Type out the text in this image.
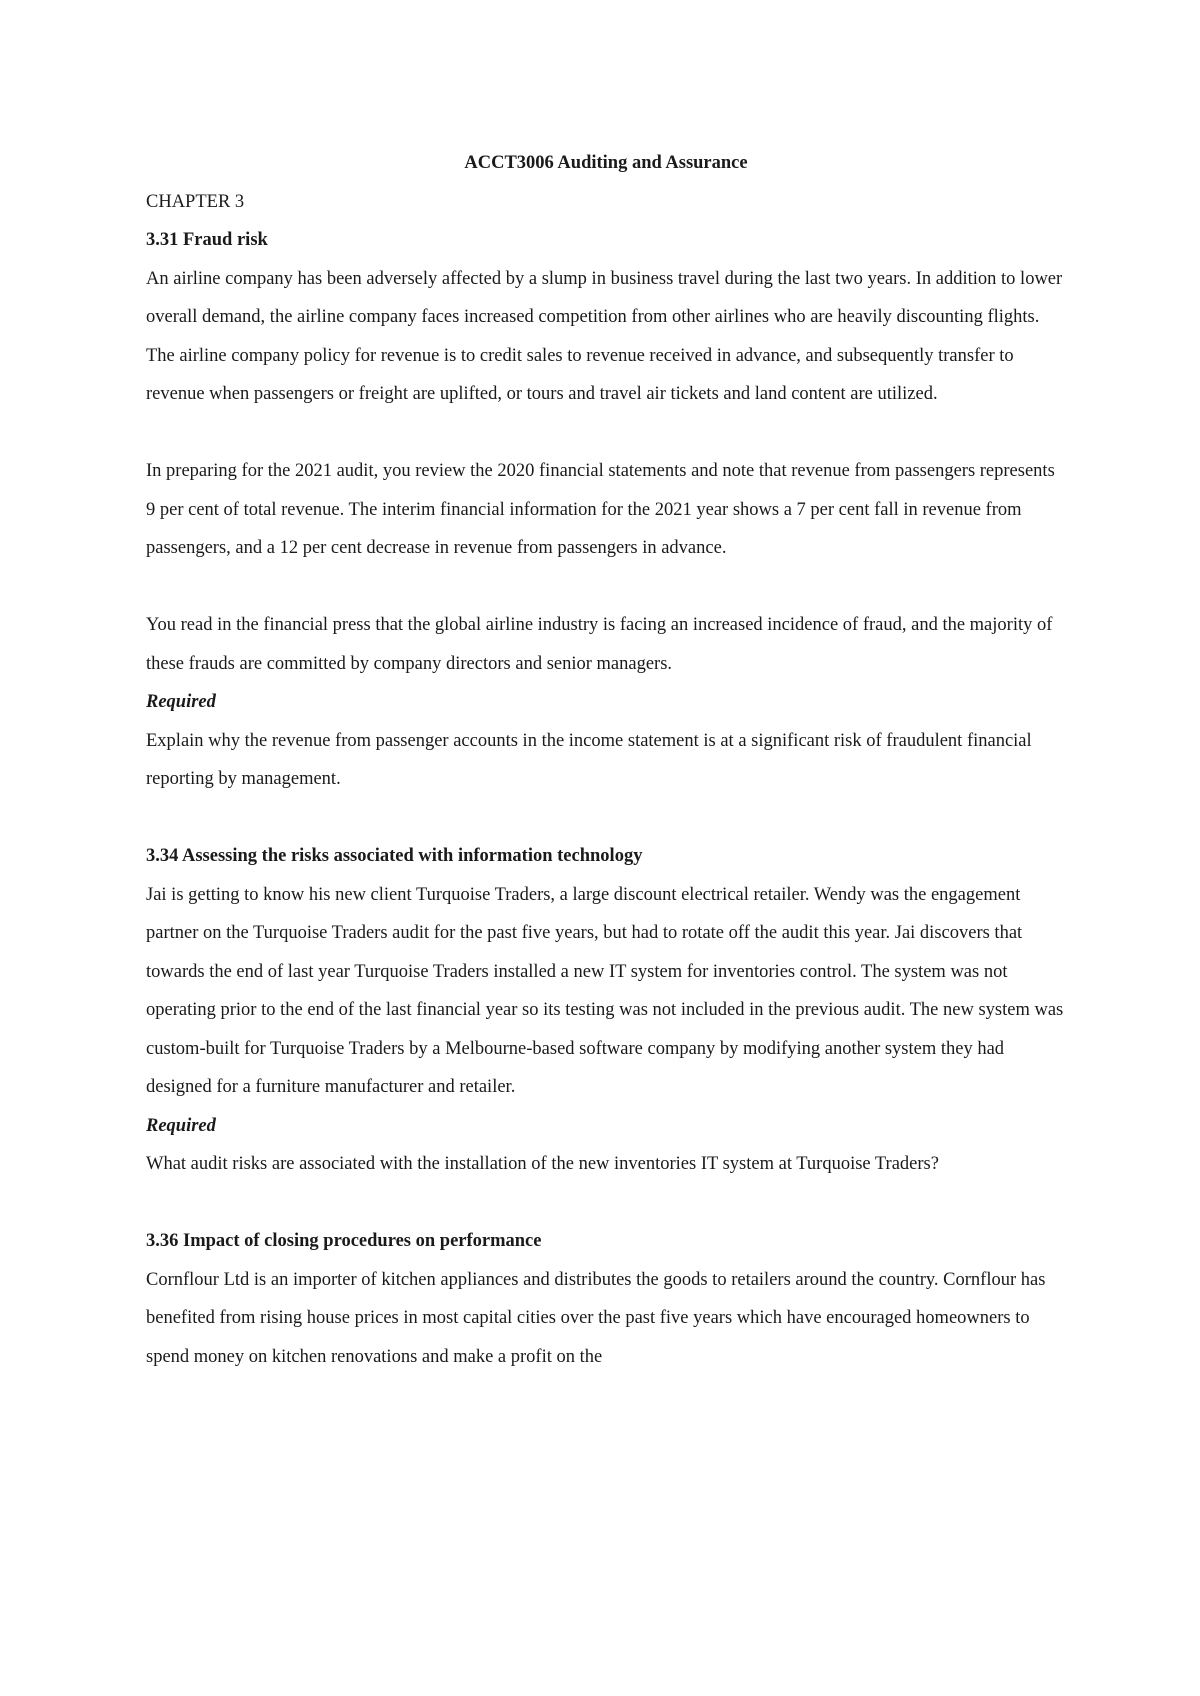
ACCT3006 Auditing and Assurance

CHAPTER 3

3.31 Fraud risk

An airline company has been adversely affected by a slump in business travel during the last two years. In addition to lower overall demand, the airline company faces increased competition from other airlines who are heavily discounting flights. The airline company policy for revenue is to credit sales to revenue received in advance, and subsequently transfer to revenue when passengers or freight are uplifted, or tours and travel air tickets and land content are utilized.

In preparing for the 2021 audit, you review the 2020 financial statements and note that revenue from passengers represents 9 per cent of total revenue. The interim financial information for the 2021 year shows a 7 per cent fall in revenue from passengers, and a 12 per cent decrease in revenue from passengers in advance.

You read in the financial press that the global airline industry is facing an increased incidence of fraud, and the majority of these frauds are committed by company directors and senior managers.

Required

Explain why the revenue from passenger accounts in the income statement is at a significant risk of fraudulent financial reporting by management.

3.34 Assessing the risks associated with information technology

Jai is getting to know his new client Turquoise Traders, a large discount electrical retailer. Wendy was the engagement partner on the Turquoise Traders audit for the past five years, but had to rotate off the audit this year. Jai discovers that towards the end of last year Turquoise Traders installed a new IT system for inventories control. The system was not operating prior to the end of the last financial year so its testing was not included in the previous audit. The new system was custom-built for Turquoise Traders by a Melbourne-based software company by modifying another system they had designed for a furniture manufacturer and retailer.

Required

What audit risks are associated with the installation of the new inventories IT system at Turquoise Traders?

3.36 Impact of closing procedures on performance

Cornflour Ltd is an importer of kitchen appliances and distributes the goods to retailers around the country. Cornflour has benefited from rising house prices in most capital cities over the past five years which have encouraged homeowners to spend money on kitchen renovations and make a profit on the
